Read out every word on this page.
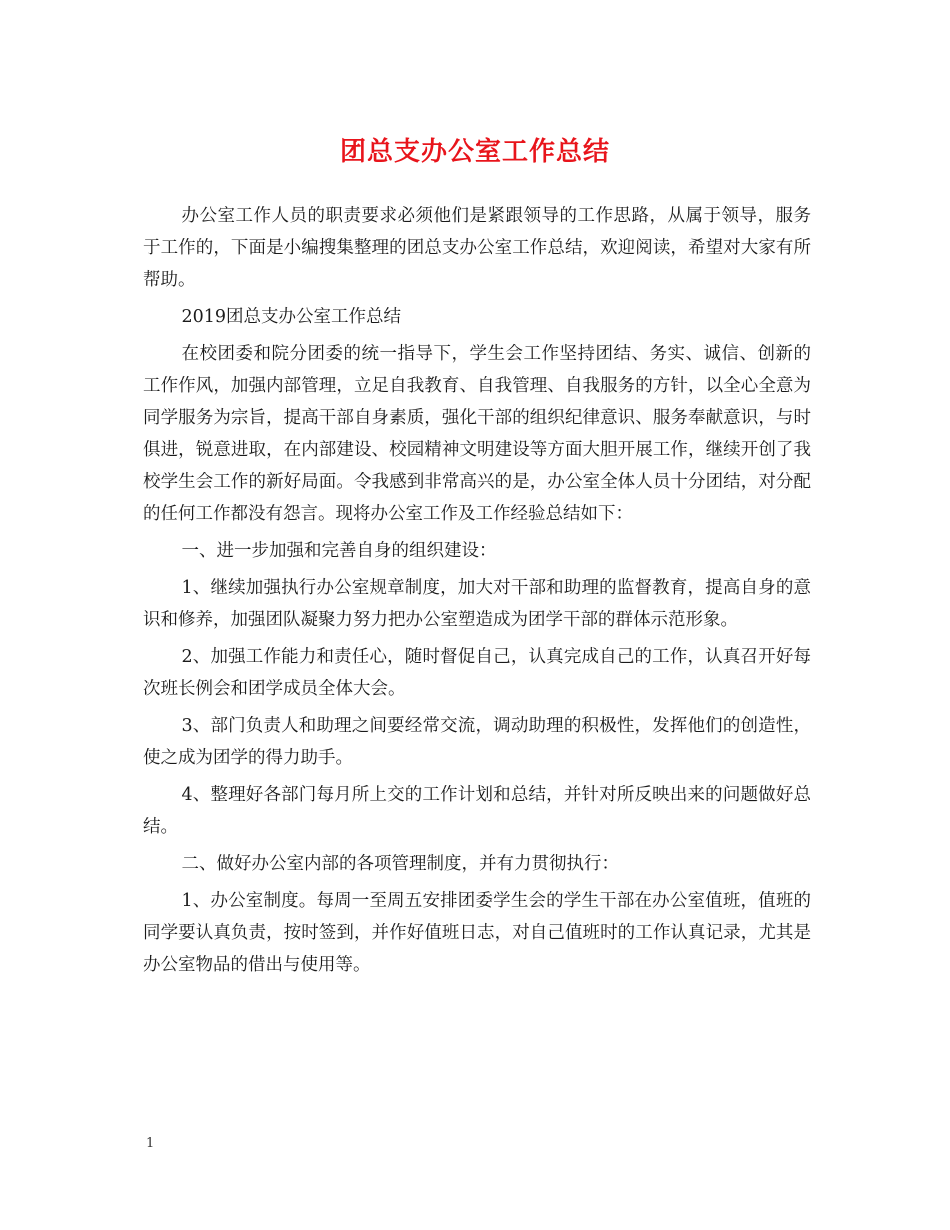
团总支办公室工作总结

办公室工作人员的职责要求必须他们是紧跟领导的工作思路，从属于领导，服务于工作的，下面是小编搜集整理的团总支办公室工作总结，欢迎阅读，希望对大家有所帮助。

2019团总支办公室工作总结

在校团委和院分团委的统一指导下，学生会工作坚持团结、务实、诚信、创新的工作作风，加强内部管理，立足自我教育、自我管理、自我服务的方针，以全心全意为同学服务为宗旨，提高干部自身素质，强化干部的组织纪律意识、服务奉献意识，与时俱进，锐意进取，在内部建设、校园精神文明建设等方面大胆开展工作，继续开创了我校学生会工作的新好局面。令我感到非常高兴的是，办公室全体人员十分团结，对分配的任何工作都没有怨言。现将办公室工作及工作经验总结如下：

一、进一步加强和完善自身的组织建设：

1、继续加强执行办公室规章制度，加大对干部和助理的监督教育，提高自身的意识和修养，加强团队凝聚力努力把办公室塑造成为团学干部的群体示范形象。

2、加强工作能力和责任心，随时督促自己，认真完成自己的工作，认真召开好每次班长例会和团学成员全体大会。

3、部门负责人和助理之间要经常交流，调动助理的积极性，发挥他们的创造性，使之成为团学的得力助手。

4、整理好各部门每月所上交的工作计划和总结，并针对所反映出来的问题做好总结。

二、做好办公室内部的各项管理制度，并有力贯彻执行：

1、办公室制度。每周一至周五安排团委学生会的学生干部在办公室值班，值班的同学要认真负责，按时签到，并作好值班日志，对自己值班时的工作认真记录，尤其是办公室物品的借出与使用等。

1
